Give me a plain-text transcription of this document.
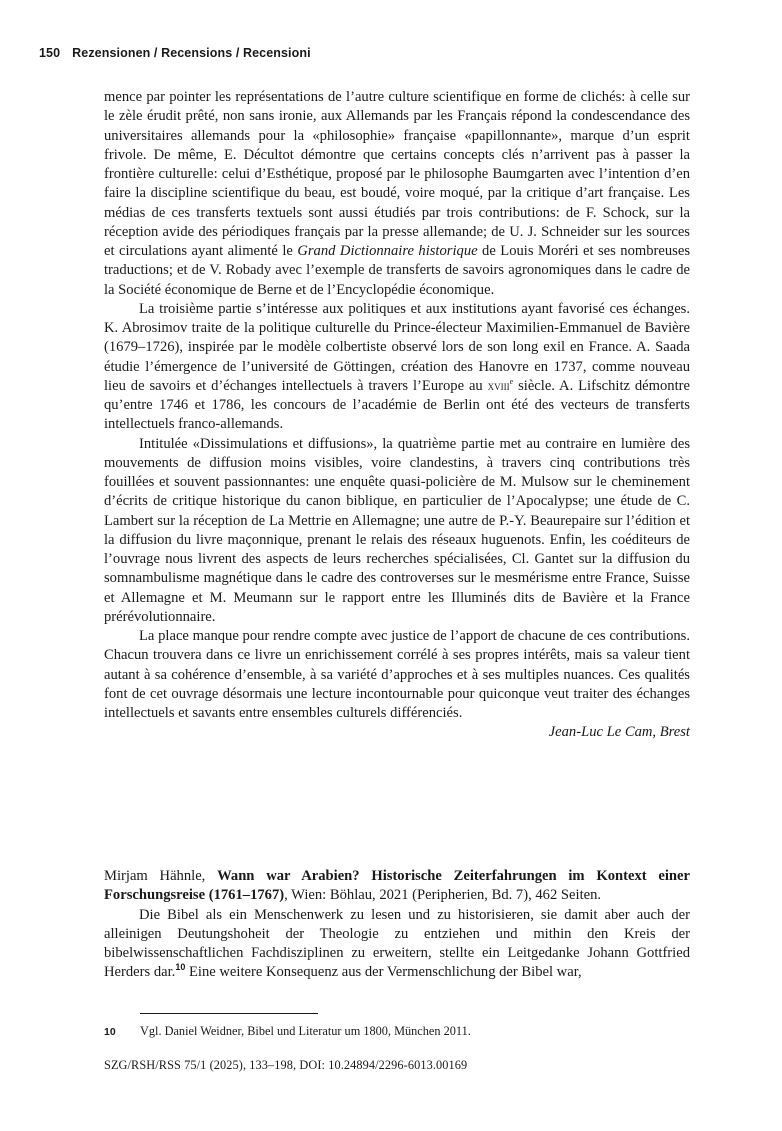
150 Rezensionen / Recensions / Recensioni

mence par pointer les représentations de l’autre culture scientifique en forme de clichés: à celle sur le zèle érudit prêté, non sans ironie, aux Allemands par les Français répond la condescendance des universitaires allemands pour la «philosophie» française «papillonnante», marque d’un esprit frivole. De même, E. Décultot démontre que certains concepts clés n’arrivent pas à passer la frontière culturelle: celui d’Esthétique, proposé par le philosophe Baumgarten avec l’intention d’en faire la discipline scientifique du beau, est boudé, voire moqué, par la critique d’art française. Les médias de ces transferts textuels sont aussi étudiés par trois contributions: de F. Schock, sur la réception avide des périodiques français par la presse allemande; de U. J. Schneider sur les sources et circulations ayant alimenté le Grand Dictionnaire historique de Louis Moréri et ses nombreuses traductions; et de V. Robady avec l’exemple de transferts de savoirs agronomiques dans le cadre de la Société économique de Berne et de l’Encyclopédie économique.

La troisième partie s’intéresse aux politiques et aux institutions ayant favorisé ces échanges. K. Abrosimov traite de la politique culturelle du Prince-électeur Maximilien-Emmanuel de Bavière (1679–1726), inspirée par le modèle colbertiste observé lors de son long exil en France. A. Saada étudie l’émergence de l’université de Göttingen, création des Hanovre en 1737, comme nouveau lieu de savoirs et d’échanges intellectuels à travers l’Europe au xviii$^e$ siècle. A. Lifschitz démontre qu’entre 1746 et 1786, les concours de l’académie de Berlin ont été des vecteurs de transferts intellectuels franco-allemands.

Intitulée «Dissimulations et diffusions», la quatrième partie met au contraire en lumière des mouvements de diffusion moins visibles, voire clandestins, à travers cinq contributions très fouillées et souvent passionnantes: une enquête quasi-policière de M. Mulsow sur le cheminement d’écrits de critique historique du canon biblique, en particulier de l’Apocalypse; une étude de C. Lambert sur la réception de La Mettrie en Allemagne; une autre de P.-Y. Beaurepaire sur l’édition et la diffusion du livre maçonnique, prenant le relais des réseaux huguenots. Enfin, les coéditeurs de l’ouvrage nous livrent des aspects de leurs recherches spécialisées, Cl. Gantet sur la diffusion du somnambulisme magnétique dans le cadre des controverses sur le mesmérisme entre France, Suisse et Allemagne et M. Meumann sur le rapport entre les Illuminés dits de Bavière et la France prérévolutionnaire.

La place manque pour rendre compte avec justice de l’apport de chacune de ces contributions. Chacun trouvera dans ce livre un enrichissement corrélé à ses propres intérêts, mais sa valeur tient autant à sa cohérence d’ensemble, à sa variété d’approches et à ses multiples nuances. Ces qualités font de cet ouvrage désormais une lecture incontournable pour quiconque veut traiter des échanges intellectuels et savants entre ensembles culturels différenciés.

Jean-Luc Le Cam, Brest

Mirjam Hähnle, Wann war Arabien? Historische Zeiterfahrungen im Kontext einer Forschungsreise (1761–1767), Wien: Böhlau, 2021 (Peripherien, Bd. 7), 462 Seiten.

Die Bibel als ein Menschenwerk zu lesen und zu historisieren, sie damit aber auch der alleinigen Deutungshoheit der Theologie zu entziehen und mithin den Kreis der bibelwissenschaftlichen Fachdisziplinen zu erweitern, stellte ein Leitgedanke Johann Gottfried Herders dar.$^{10}$ Eine weitere Konsequenz aus der Vermenschlichung der Bibel war,

10 Vgl. Daniel Weidner, Bibel und Literatur um 1800, München 2011.
SZG/RSH/RSS 75/1 (2025), 133–198, DOI: 10.24894/2296-6013.00169
